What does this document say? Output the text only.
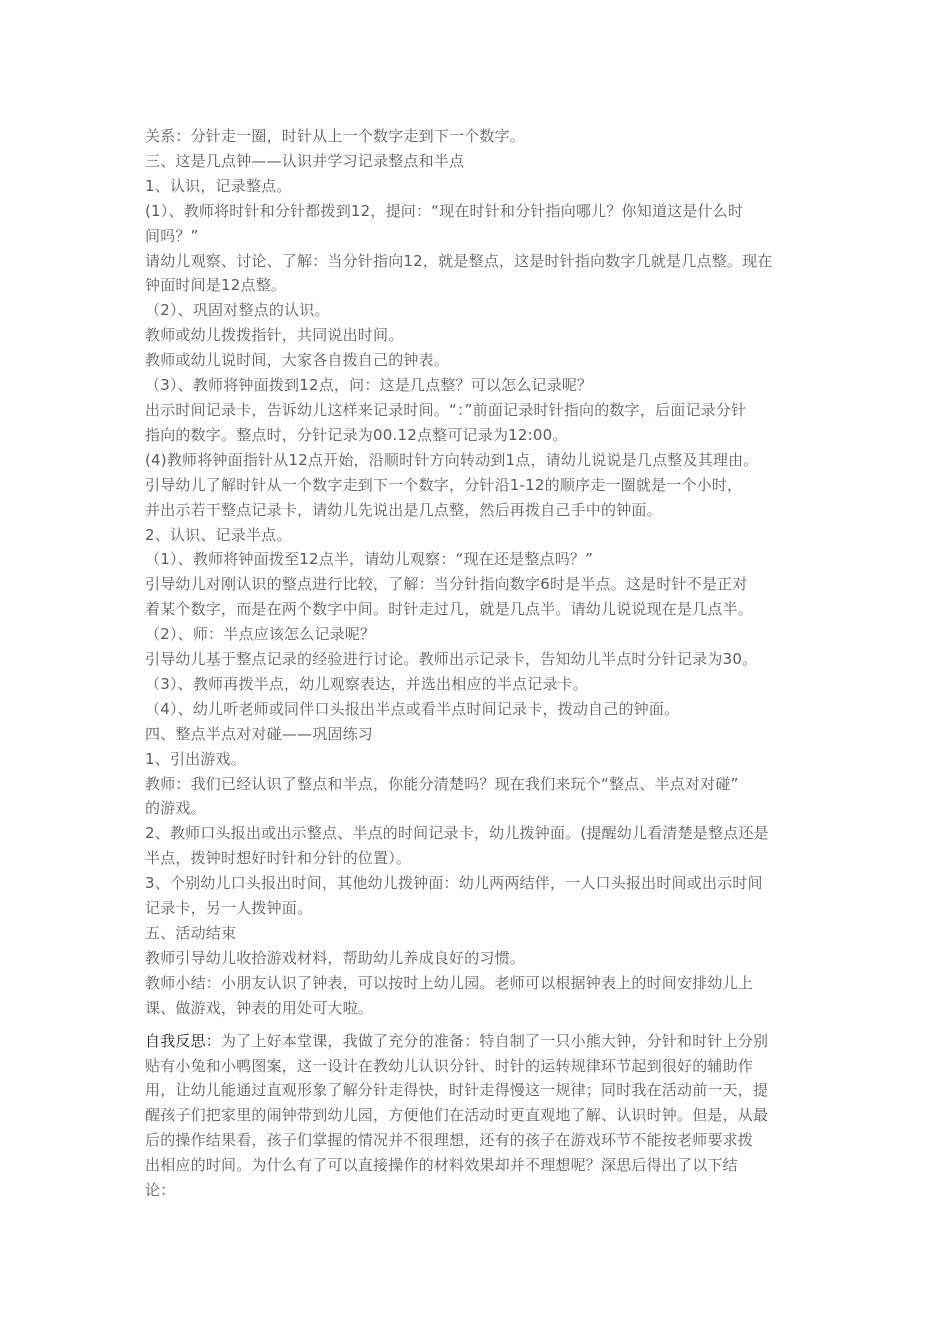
关系：分针走一圈，时针从上一个数字走到下一个数字。
三、这是几点钟——认识并学习记录整点和半点
1、认识，记录整点。
(1）、教师将时针和分针都拨到12，提问：“现在时针和分针指向哪儿？你知道这是什么时
间吗？”
请幼儿观察、讨论、了解：当分针指向12，就是整点，这是时针指向数字几就是几点整。现在
钟面时间是12点整。
（2）、巩固对整点的认识。
教师或幼儿拨拨指针，共同说出时间。
教师或幼儿说时间，大家各自拨自己的钟表。
（3）、教师将钟面拨到12点，问：这是几点整？可以怎么记录呢？
出示时间记录卡，告诉幼儿这样来记录时间。“：”前面记录时针指向的数字，后面记录分针
指向的数字。整点时，分针记录为00.12点整可记录为12:00。
(4)教师将钟面指针从12点开始，沿顺时针方向转动到1点，请幼儿说说是几点整及其理由。
引导幼儿了解时针从一个数字走到下一个数字，分针沿1-12的顺序走一圈就是一个小时，
并出示若干整点记录卡，请幼儿先说出是几点整，然后再拨自己手中的钟面。
2、认识、记录半点。
（1）、教师将钟面拨至12点半，请幼儿观察：“现在还是整点吗？”
引导幼儿对刚认识的整点进行比较，了解：当分针指向数字6时是半点。这是时针不是正对
着某个数字，而是在两个数字中间。时针走过几，就是几点半。请幼儿说说现在是几点半。
（2）、师：半点应该怎么记录呢？
引导幼儿基于整点记录的经验进行讨论。教师出示记录卡，告知幼儿半点时分针记录为30。
（3）、教师再拨半点，幼儿观察表达，并选出相应的半点记录卡。
（4）、幼儿听老师或同伴口头报出半点或看半点时间记录卡，拨动自己的钟面。
四、整点半点对对碰——巩固练习
1、引出游戏。
教师：我们已经认识了整点和半点，你能分清楚吗？现在我们来玩个“整点、半点对对碰”
的游戏。
2、教师口头报出或出示整点、半点的时间记录卡，幼儿拨钟面。(提醒幼儿看清楚是整点还是
半点，拨钟时想好时针和分针的位置）。
3、个别幼儿口头报出时间，其他幼儿拨钟面：幼儿两两结伴，一人口头报出时间或出示时间
记录卡，另一人拨钟面。
五、活动结束
教师引导幼儿收拾游戏材料，帮助幼儿养成良好的习惯。
教师小结：小朋友认识了钟表，可以按时上幼儿园。老师可以根据钟表上的时间安排幼儿上
课、做游戏，钟表的用处可大啦。
自我反思：为了上好本堂课，我做了充分的准备：特自制了一只小熊大钟，分针和时针上分别
贴有小兔和小鸭图案，这一设计在教幼儿认识分针、时针的运转规律环节起到很好的辅助作
用，让幼儿能通过直观形象了解分针走得快，时针走得慢这一规律；同时我在活动前一天，提
醒孩子们把家里的闹钟带到幼儿园，方便他们在活动时更直观地了解、认识时钟。但是，从最
后的操作结果看，孩子们掌握的情况并不很理想，还有的孩子在游戏环节不能按老师要求拨
出相应的时间。为什么有了可以直接操作的材料效果却并不理想呢？深思后得出了以下结
论：
